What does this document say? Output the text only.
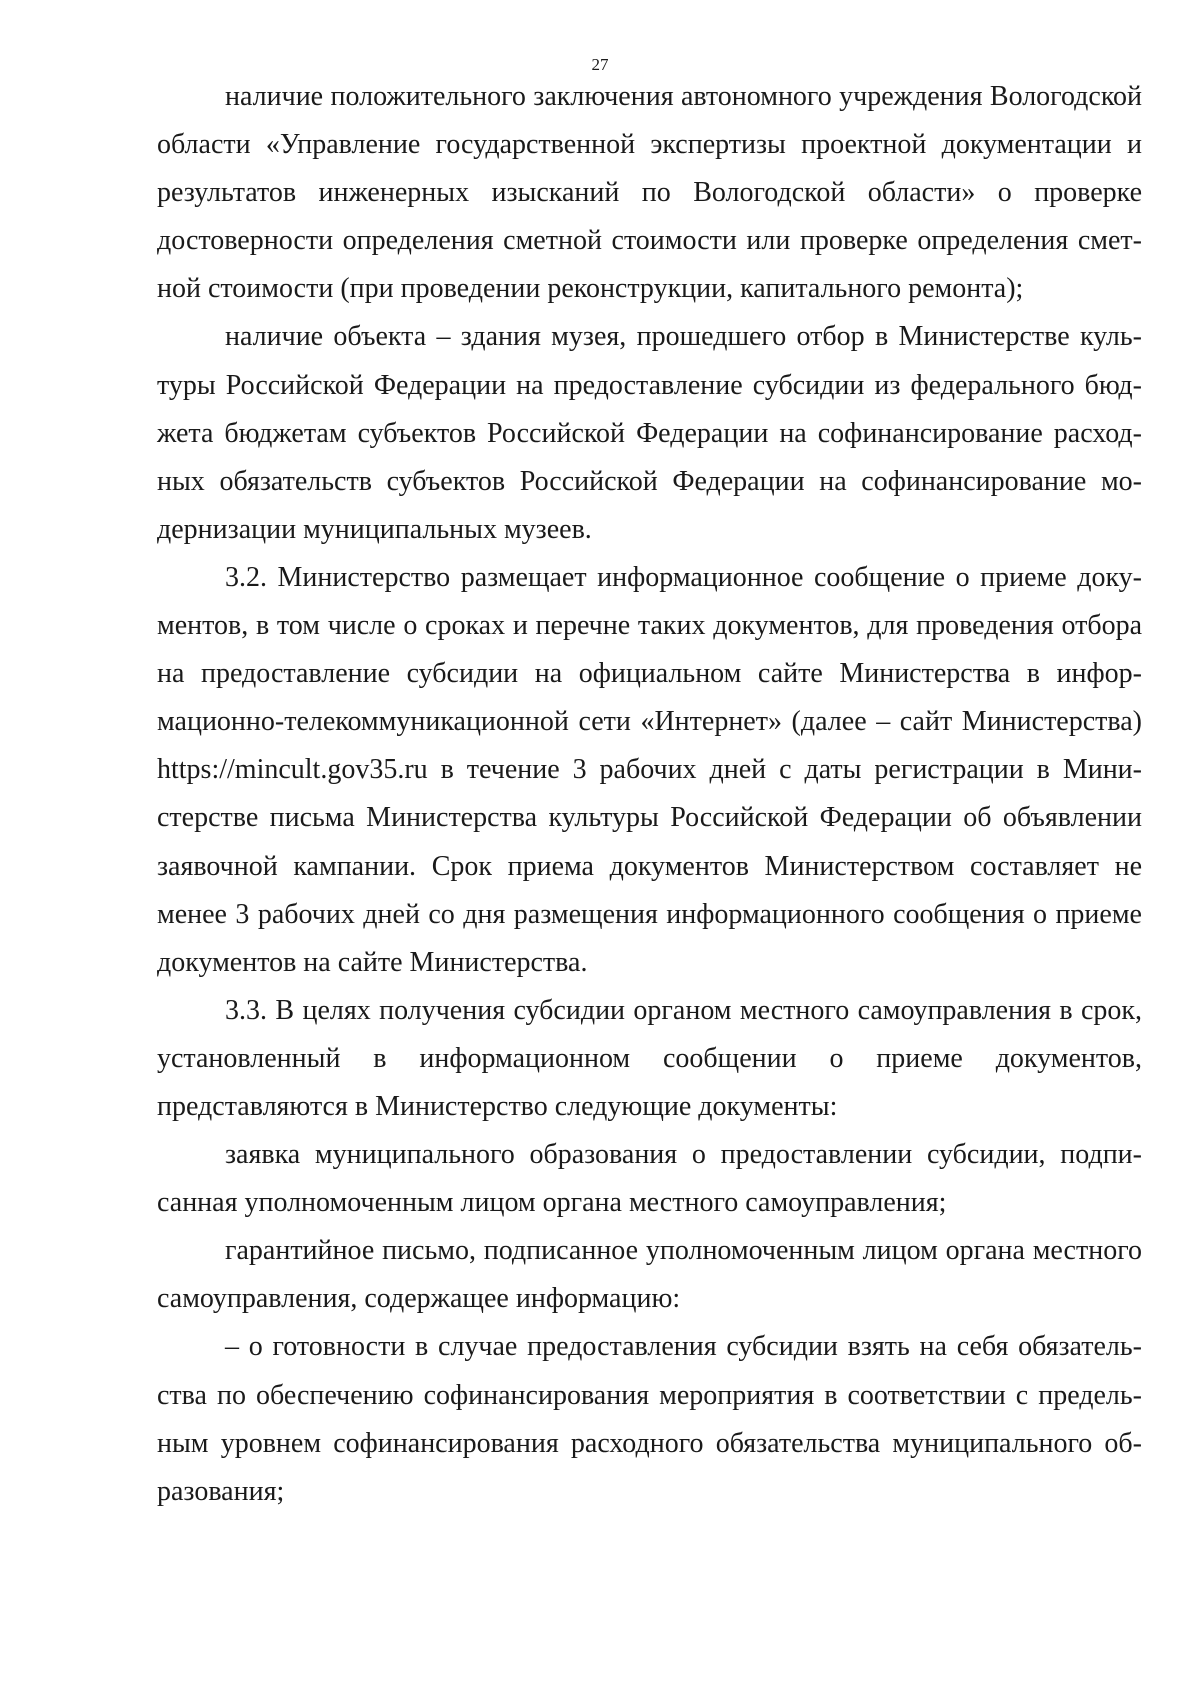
27

наличие положительного заключения автономного учреждения Вологодской области «Управление государственной экспертизы проектной документации и результатов инженерных изысканий по Вологодской области» о проверке достоверности определения сметной стоимости или проверке определения сметной стоимости (при проведении реконструкции, капитального ремонта);

наличие объекта – здания музея, прошедшего отбор в Министерстве культуры Российской Федерации на предоставление субсидии из федерального бюджета бюджетам субъектов Российской Федерации на софинансирование расходных обязательств субъектов Российской Федерации на софинансирование модернизации муниципальных музеев.

3.2. Министерство размещает информационное сообщение о приеме документов, в том числе о сроках и перечне таких документов, для проведения отбора на предоставление субсидии на официальном сайте Министерства в информационно-телекоммуникационной сети «Интернет» (далее – сайт Министерства) https://mincult.gov35.ru в течение 3 рабочих дней с даты регистрации в Министерстве письма Министерства культуры Российской Федерации об объявлении заявочной кампании. Срок приема документов Министерством составляет не менее 3 рабочих дней со дня размещения информационного сообщения о приеме документов на сайте Министерства.

3.3. В целях получения субсидии органом местного самоуправления в срок, установленный в информационном сообщении о приеме документов, представляются в Министерство следующие документы:

заявка муниципального образования о предоставлении субсидии, подписанная уполномоченным лицом органа местного самоуправления;

гарантийное письмо, подписанное уполномоченным лицом органа местного самоуправления, содержащее информацию:

– о готовности в случае предоставления субсидии взять на себя обязательства по обеспечению софинансирования мероприятия в соответствии с предельным уровнем софинансирования расходного обязательства муниципального образования;
